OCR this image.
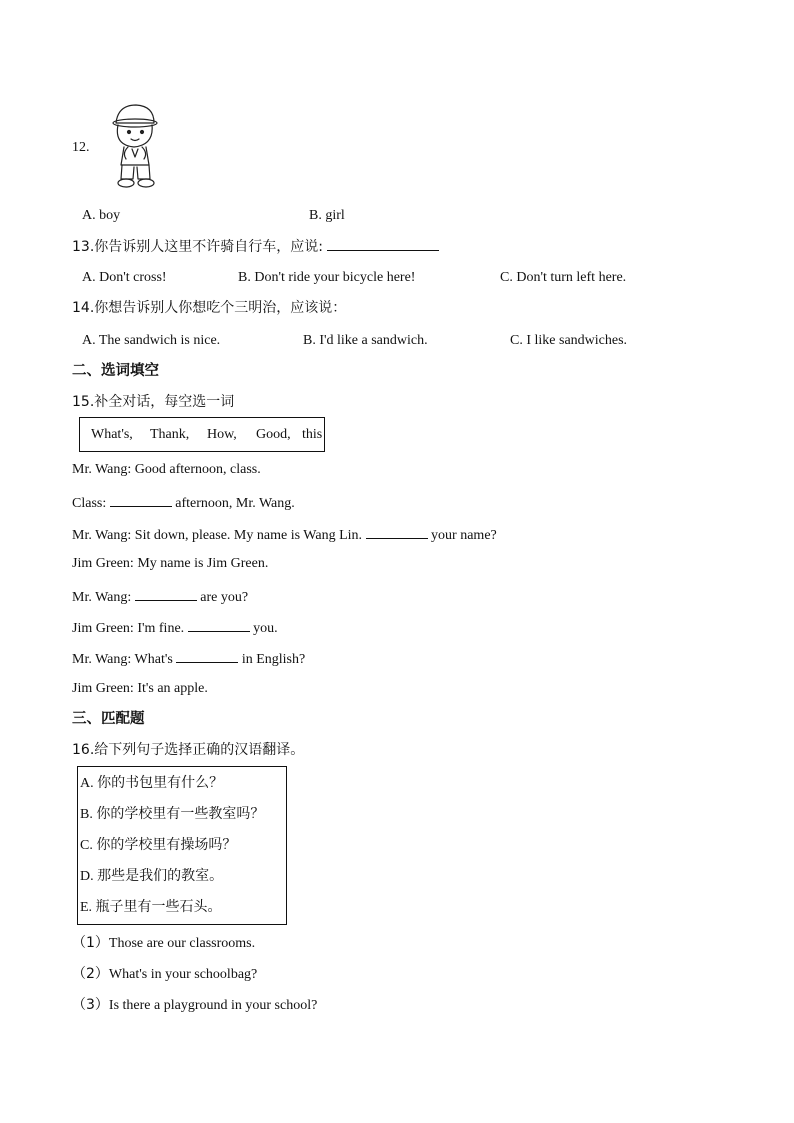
12.
A. boy	B. girl
13.你告诉别人这里不许骑自行车，应说:
A. Don't cross!	B. Don't ride your bicycle here!	C. Don't turn left here.
14.你想告诉别人你想吃个三明治，应该说：
A. The sandwich is nice.	B. I'd like a sandwich.	C. I like sandwiches.
二、选词填空
15.补全对话，每空选一词
What's, Thank, How, Good, this
Mr. Wang: Good afternoon, class.
Class:	afternoon, Mr. Wang.
Mr. Wang: Sit down, please. My name is Wang Lin.	your name?
Jim Green: My name is Jim Green.
Mr. Wang:	are you?
Jim Green: I'm fine.	you.
Mr. Wang: What's	in English?
Jim Green: It's an apple.
三、匹配题
16.给下列句子选择正确的汉语翻译。
A. 你的书包里有什么？
B. 你的学校里有一些教室吗？
C. 你的学校里有操场吗？
D. 那些是我们的教室。
E. 瓶子里有一些石头。
（1）Those are our classrooms.
（2）What's in your schoolbag?
（3）Is there a playground in your school?
